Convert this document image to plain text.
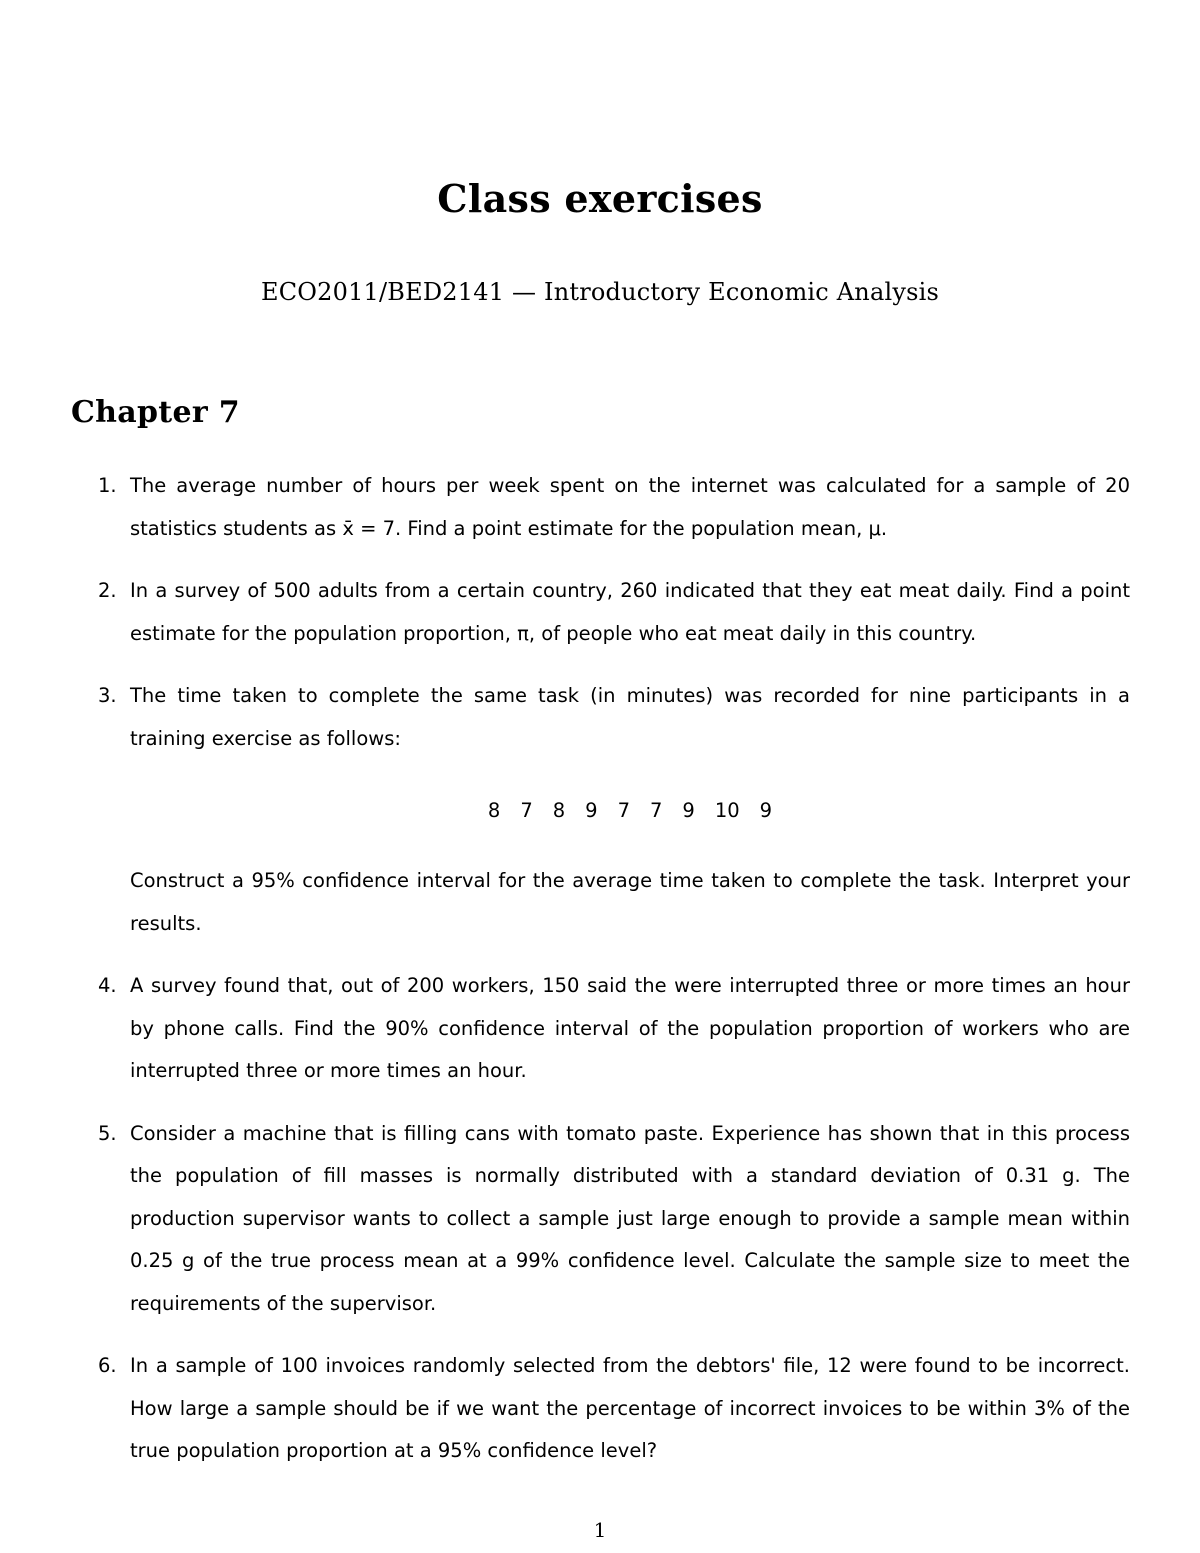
Class exercises
ECO2011/BED2141 — Introductory Economic Analysis
Chapter 7
1. The average number of hours per week spent on the internet was calculated for a sample of 20 statistics students as x̄ = 7. Find a point estimate for the population mean, μ.
2. In a survey of 500 adults from a certain country, 260 indicated that they eat meat daily. Find a point estimate for the population proportion, π, of people who eat meat daily in this country.
3. The time taken to complete the same task (in minutes) was recorded for nine participants in a training exercise as follows:
8 7 8 9 7 7 9 10 9
Construct a 95% confidence interval for the average time taken to complete the task. Interpret your results.
4. A survey found that, out of 200 workers, 150 said the were interrupted three or more times an hour by phone calls. Find the 90% confidence interval of the population proportion of workers who are interrupted three or more times an hour.
5. Consider a machine that is filling cans with tomato paste. Experience has shown that in this process the population of fill masses is normally distributed with a standard deviation of 0.31 g. The production supervisor wants to collect a sample just large enough to provide a sample mean within 0.25 g of the true process mean at a 99% confidence level. Calculate the sample size to meet the requirements of the supervisor.
6. In a sample of 100 invoices randomly selected from the debtors' file, 12 were found to be incorrect. How large a sample should be if we want the percentage of incorrect invoices to be within 3% of the true population proportion at a 95% confidence level?
1
